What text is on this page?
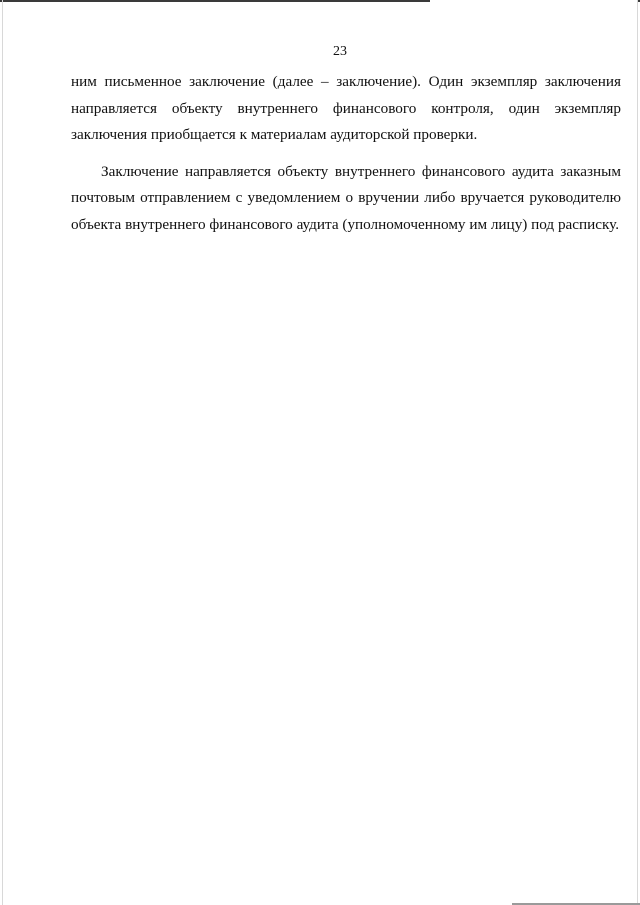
23

ним письменное заключение (далее – заключение). Один экземпляр заключения направляется объекту внутреннего финансового контроля, один экземпляр заключения приобщается к материалам аудиторской проверки.

Заключение направляется объекту внутреннего финансового аудита заказным почтовым отправлением с уведомлением о вручении либо вручается руководителю объекта внутреннего финансового аудита (уполномоченному им лицу) под расписку.
